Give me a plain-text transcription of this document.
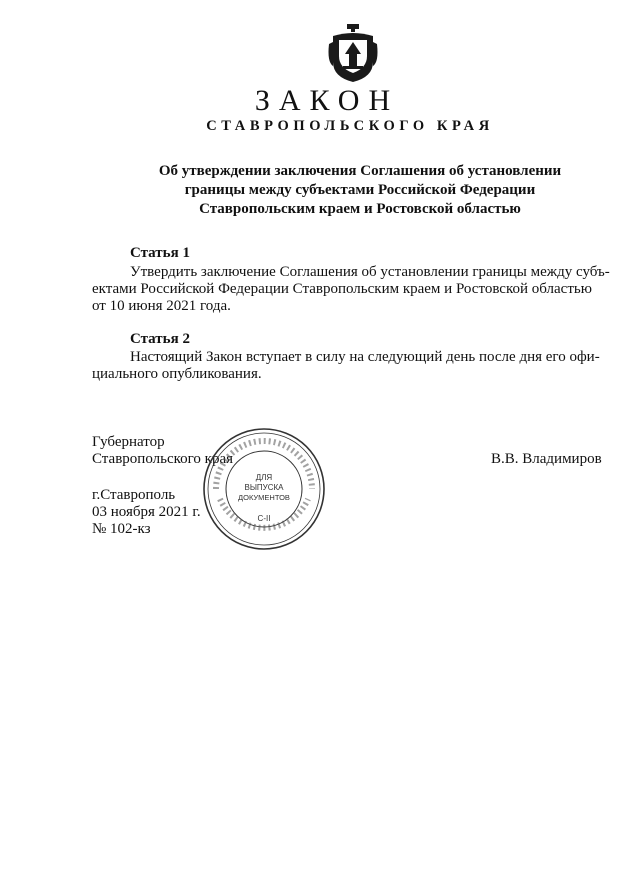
ЗАКОН
СТАВРОПОЛЬСКОГО КРАЯ
Об утверждении заключения Соглашения об установлении
границы между субъектами Российской Федерации
Ставропольским краем и Ростовской областью
Статья 1
Утвердить заключение Соглашения об установлении границы между субъ-
ектами Российской Федерации Ставропольским краем и Ростовской областью
от 10 июня 2021 года.
Статья 2
Настоящий Закон вступает в силу на следующий день после дня его офи-
циального опубликования.
Губернатор
Ставропольского края	В.В. Владимиров
г.Ставрополь
03 ноября 2021 г.
№ 102-кз
ДЛЯ
ВЫПУСКА
ДОКУМЕНТОВ
С-II
